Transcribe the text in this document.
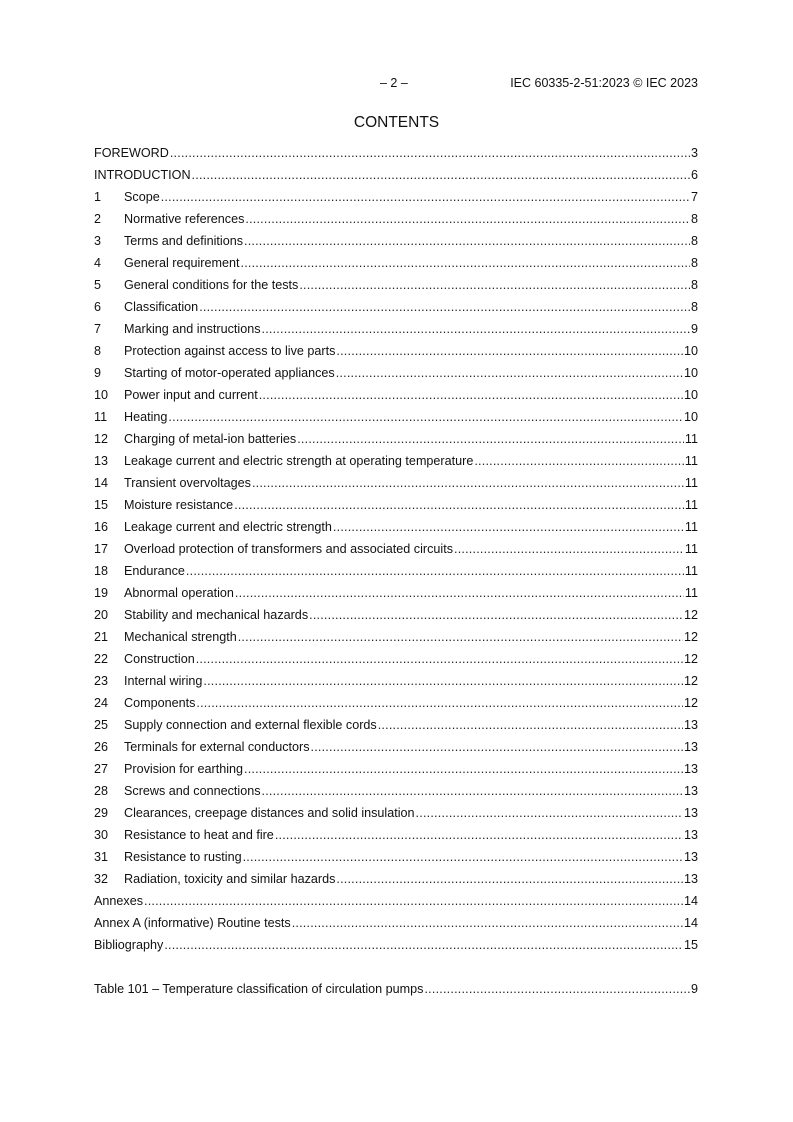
– 2 –	IEC 60335-2-51:2023 © IEC 2023
CONTENTS
FOREWORD .....	3
INTRODUCTION .....	6
1	Scope .....	7
2	Normative references .....	8
3	Terms and definitions .....	8
4	General requirement .....	8
5	General conditions for the tests .....	8
6	Classification .....	8
7	Marking and instructions .....	9
8	Protection against access to live parts .....	10
9	Starting of motor-operated appliances .....	10
10	Power input and current .....	10
11	Heating .....	10
12	Charging of metal-ion batteries .....	11
13	Leakage current and electric strength at operating temperature .....	11
14	Transient overvoltages .....	11
15	Moisture resistance .....	11
16	Leakage current and electric strength .....	11
17	Overload protection of transformers and associated circuits .....	11
18	Endurance .....	11
19	Abnormal operation .....	11
20	Stability and mechanical hazards .....	12
21	Mechanical strength .....	12
22	Construction .....	12
23	Internal wiring .....	12
24	Components .....	12
25	Supply connection and external flexible cords .....	13
26	Terminals for external conductors .....	13
27	Provision for earthing .....	13
28	Screws and connections .....	13
29	Clearances, creepage distances and solid insulation .....	13
30	Resistance to heat and fire .....	13
31	Resistance to rusting .....	13
32	Radiation, toxicity and similar hazards .....	13
Annexes .....	14
Annex A (informative) Routine tests .....	14
Bibliography .....	15
Table 101 – Temperature classification of circulation pumps .....	9
